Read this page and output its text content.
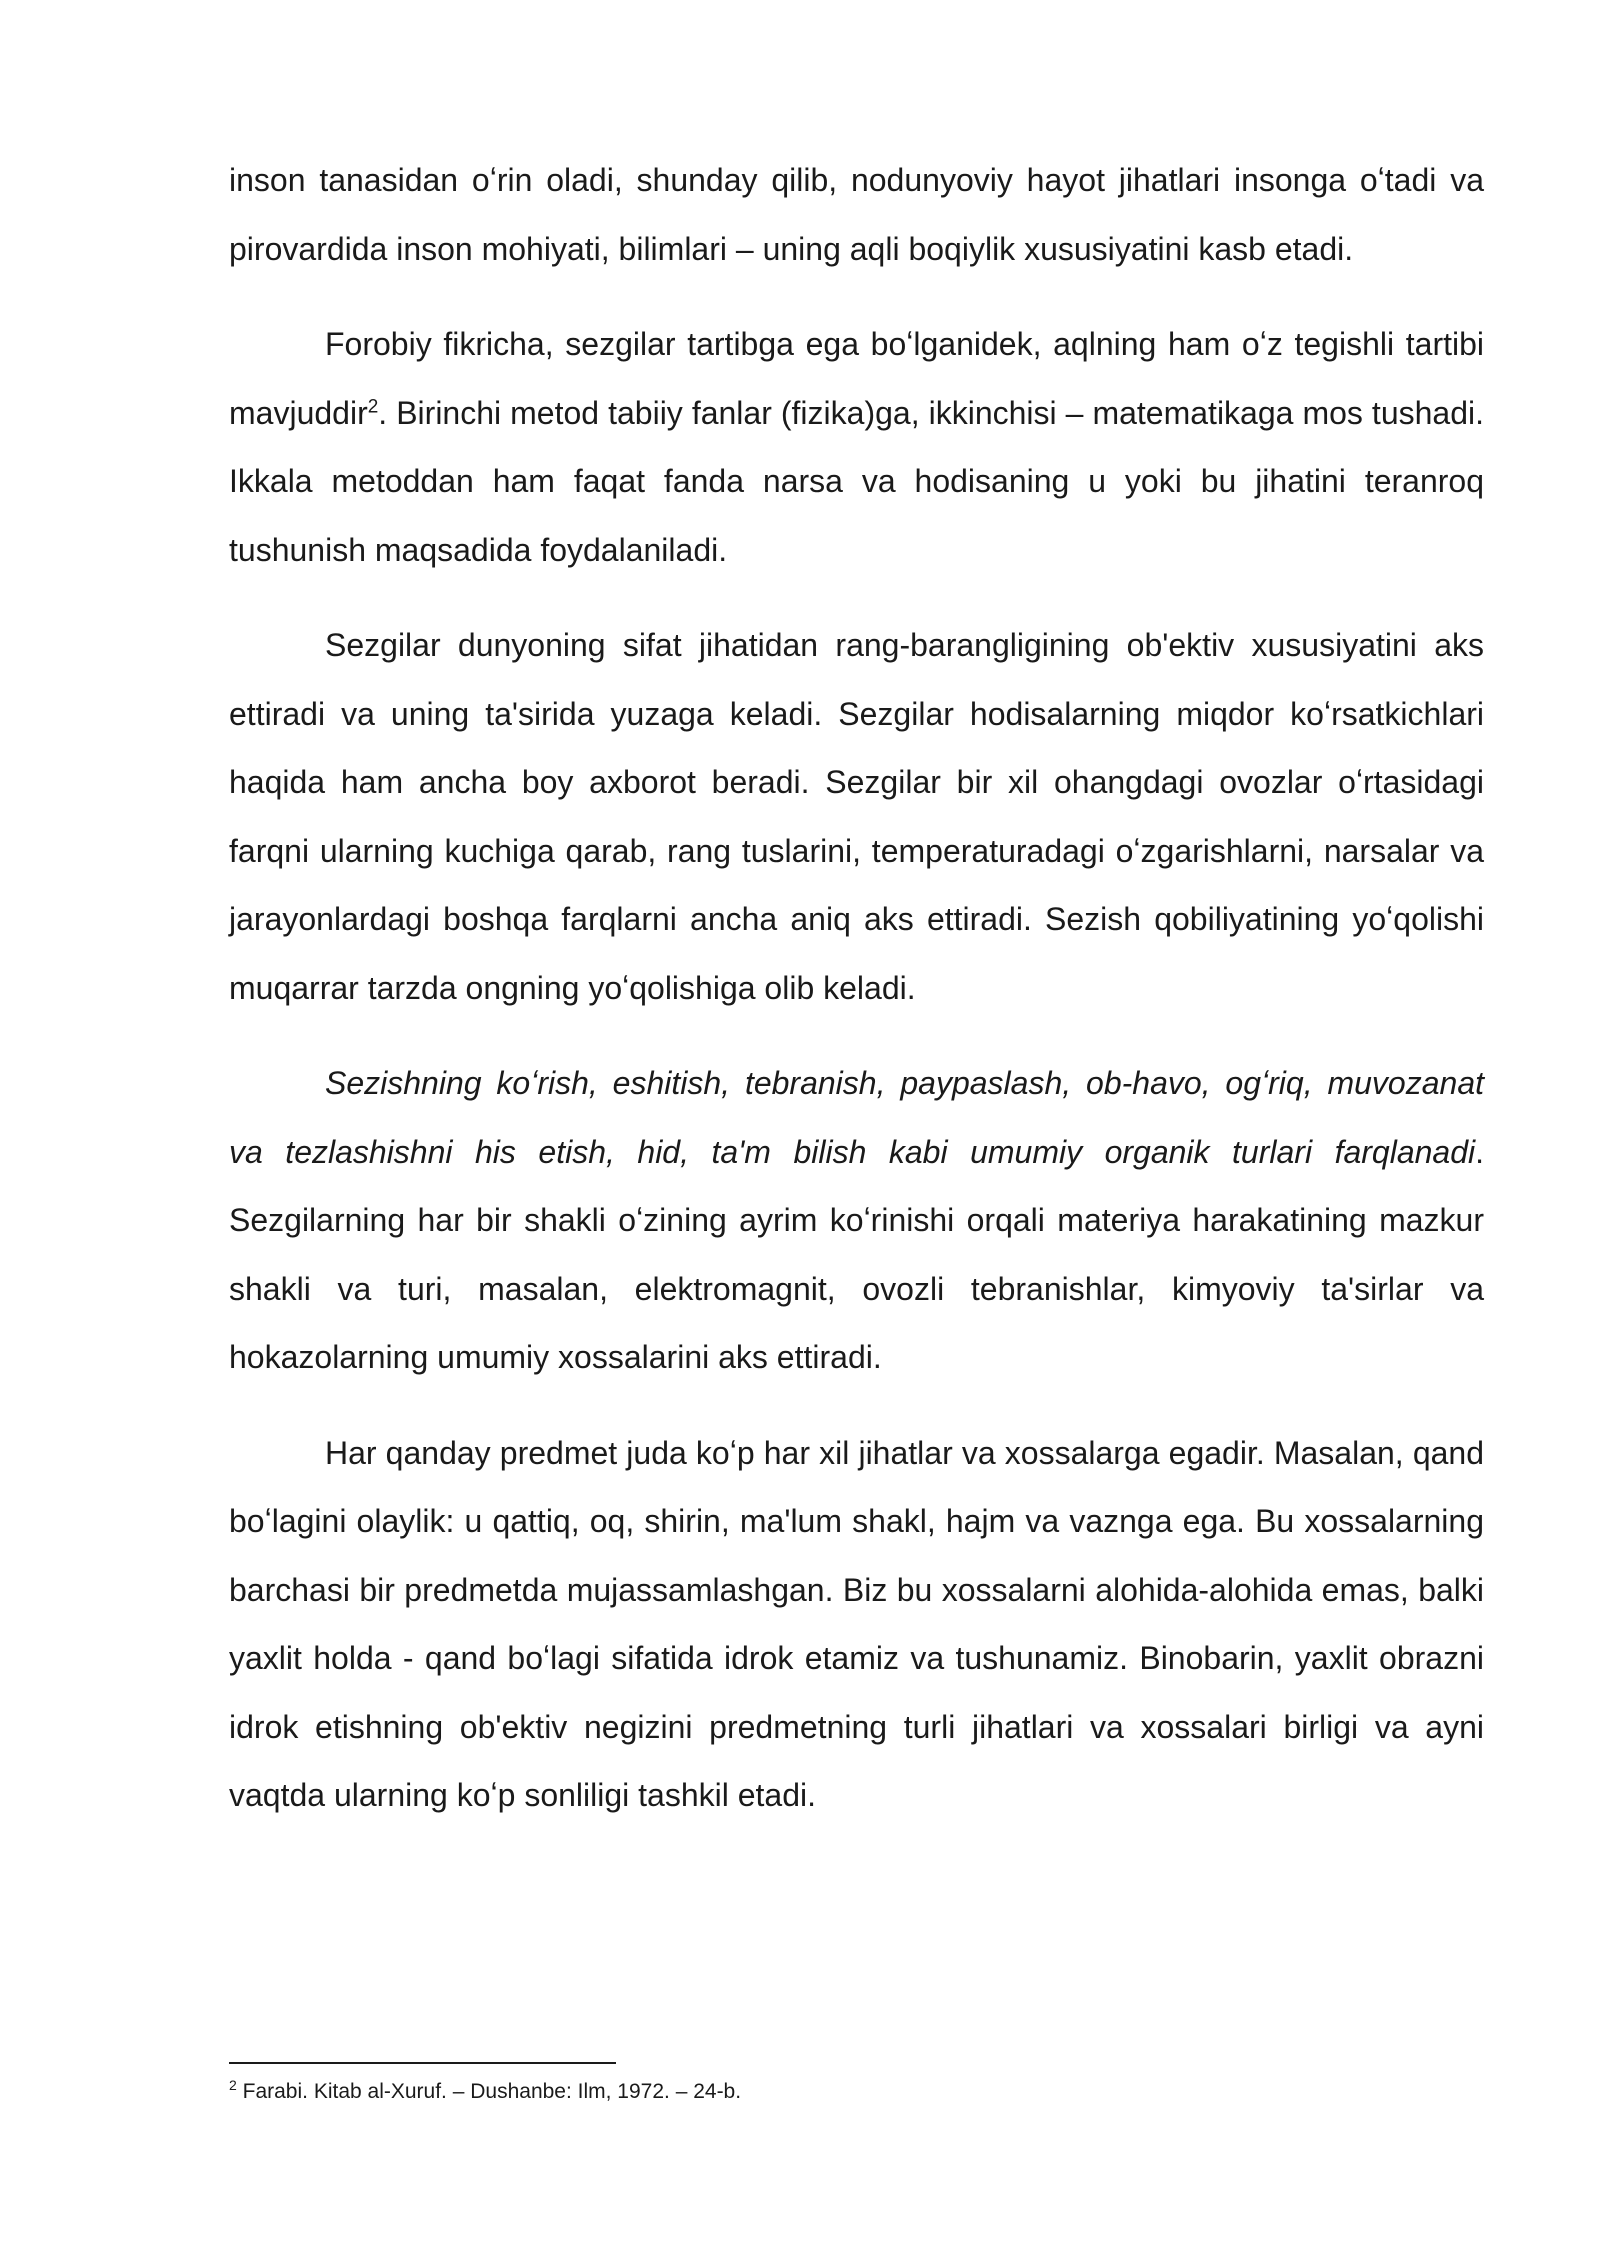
inson tanasidan oʻrin oladi, shunday qilib, nodunyoviy hayot jihatlari insonga oʻtadi va pirovardida inson mohiyati, bilimlari – uning aqli boqiylik xususiyatini kasb etadi.

Forobiy fikricha, sezgilar tartibga ega boʻlganidek, aqlning ham oʻz tegishli tartibi mavjuddir$^2$. Birinchi metod tabiiy fanlar (fizika)ga, ikkinchisi – matematikaga mos tushadi. Ikkala metoddan ham faqat fanda narsa va hodisaning u yoki bu jihatini teranroq tushunish maqsadida foydalaniladi.

Sezgilar dunyoning sifat jihatidan rang-barangligining ob'ektiv xususiyatini aks ettiradi va uning ta'sirida yuzaga keladi. Sezgilar hodisalarning miqdor koʻrsatkichlari haqida ham ancha boy axborot beradi. Sezgilar bir xil ohangdagi ovozlar oʻrtasidagi farqni ularning kuchiga qarab, rang tuslarini, temperaturadagi oʻzgarishlarni, narsalar va jarayonlardagi boshqa farqlarni ancha aniq aks ettiradi. Sezish qobiliyatining yoʻqolishi muqarrar tarzda ongning yoʻqolishiga olib keladi.

Sezishning koʻrish, eshitish, tebranish, paypaslash, ob-havo, ogʻriq, muvozanat va tezlashishni his etish, hid, ta'm bilish kabi umumiy organik turlari farqlanadi. Sezgilarning har bir shakli oʻzining ayrim koʻrinishi orqali materiya harakatining mazkur shakli va turi, masalan, elektromagnit, ovozli tebranishlar, kimyoviy ta'sirlar va hokazolarning umumiy xossalarini aks ettiradi.

Har qanday predmet juda koʻp har xil jihatlar va xossalarga egadir. Masalan, qand boʻlagini olaylik: u qattiq, oq, shirin, ma'lum shakl, hajm va vaznga ega. Bu xossalarning barchasi bir predmetda mujassamlashgan. Biz bu xossalarni alohida-alohida emas, balki yaxlit holda - qand boʻlagi sifatida idrok etamiz va tushunamiz. Binobarin, yaxlit obrazni idrok etishning ob'ektiv negizini predmetning turli jihatlari va xossalari birligi va ayni vaqtda ularning koʻp sonliligi tashkil etadi.

$^2$ Farabi. Kitab al-Xuruf. – Dushanbe: Ilm, 1972. – 24-b.
